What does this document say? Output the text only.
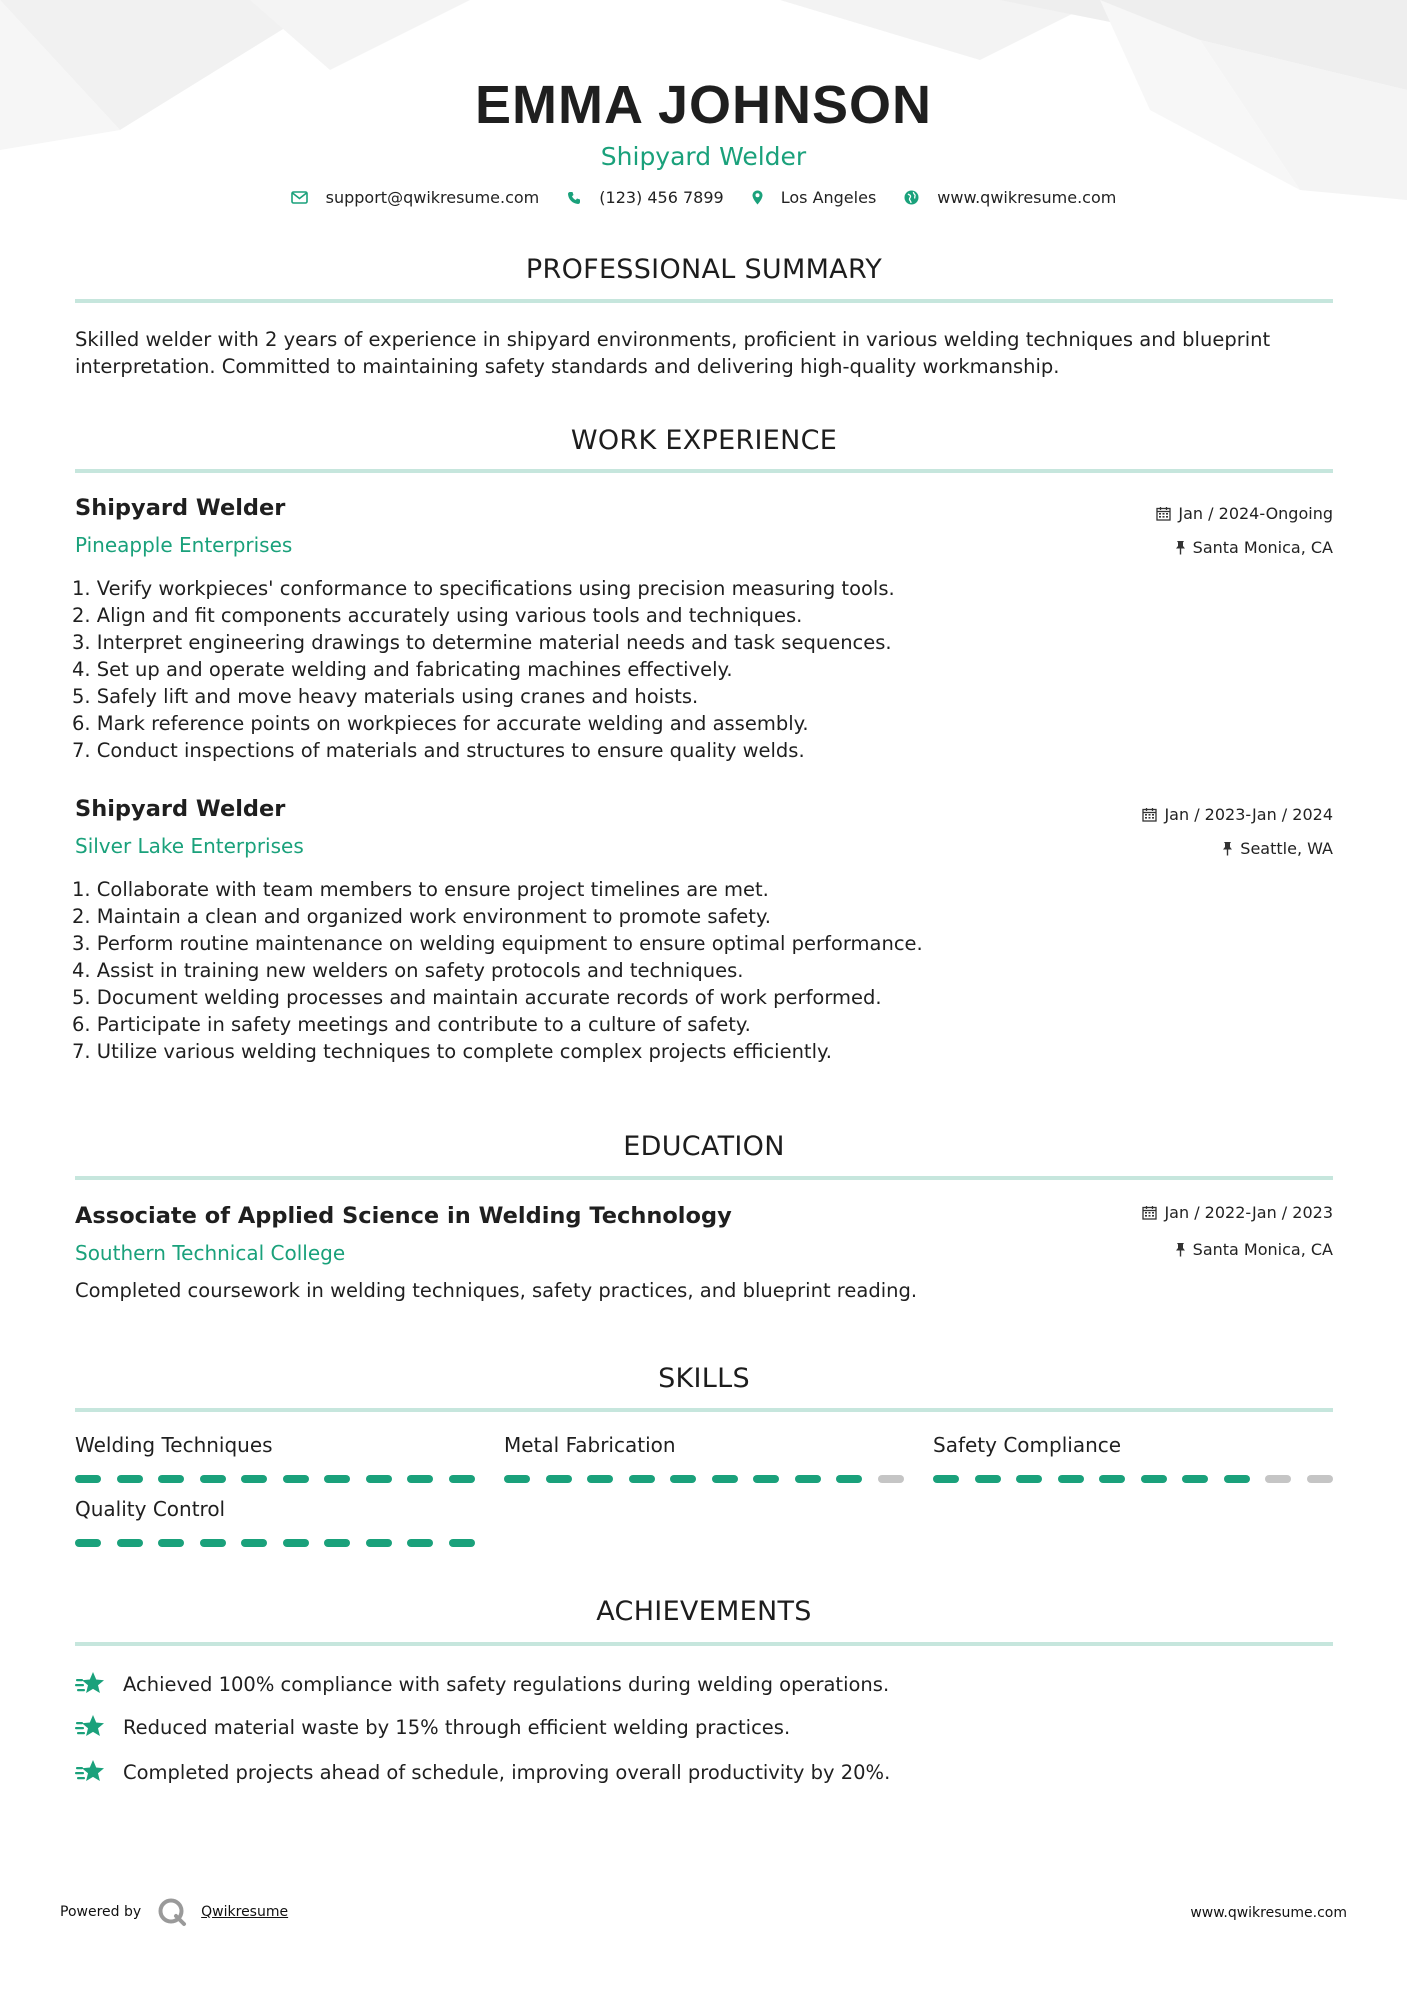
EMMA JOHNSON
Shipyard Welder
support@qwikresume.com	(123) 456 7899	Los Angeles	www.qwikresume.com
PROFESSIONAL SUMMARY
Skilled welder with 2 years of experience in shipyard environments, proficient in various welding techniques and blueprint
interpretation. Committed to maintaining safety standards and delivering high-quality workmanship.
WORK EXPERIENCE
Shipyard Welder
Pineapple Enterprises
Jan / 2024-Ongoing
Santa Monica, CA
1. Verify workpieces' conformance to specifications using precision measuring tools.
2. Align and fit components accurately using various tools and techniques.
3. Interpret engineering drawings to determine material needs and task sequences.
4. Set up and operate welding and fabricating machines effectively.
5. Safely lift and move heavy materials using cranes and hoists.
6. Mark reference points on workpieces for accurate welding and assembly.
7. Conduct inspections of materials and structures to ensure quality welds.
Shipyard Welder
Silver Lake Enterprises
Jan / 2023-Jan / 2024
Seattle, WA
1. Collaborate with team members to ensure project timelines are met.
2. Maintain a clean and organized work environment to promote safety.
3. Perform routine maintenance on welding equipment to ensure optimal performance.
4. Assist in training new welders on safety protocols and techniques.
5. Document welding processes and maintain accurate records of work performed.
6. Participate in safety meetings and contribute to a culture of safety.
7. Utilize various welding techniques to complete complex projects efficiently.
EDUCATION
Associate of Applied Science in Welding Technology
Southern Technical College
Jan / 2022-Jan / 2023
Santa Monica, CA
Completed coursework in welding techniques, safety practices, and blueprint reading.
SKILLS
Welding Techniques	Metal Fabrication	Safety Compliance
Quality Control
ACHIEVEMENTS
Achieved 100% compliance with safety regulations during welding operations.
Reduced material waste by 15% through efficient welding practices.
Completed projects ahead of schedule, improving overall productivity by 20%.
Powered by	Qwikresume	www.qwikresume.com
